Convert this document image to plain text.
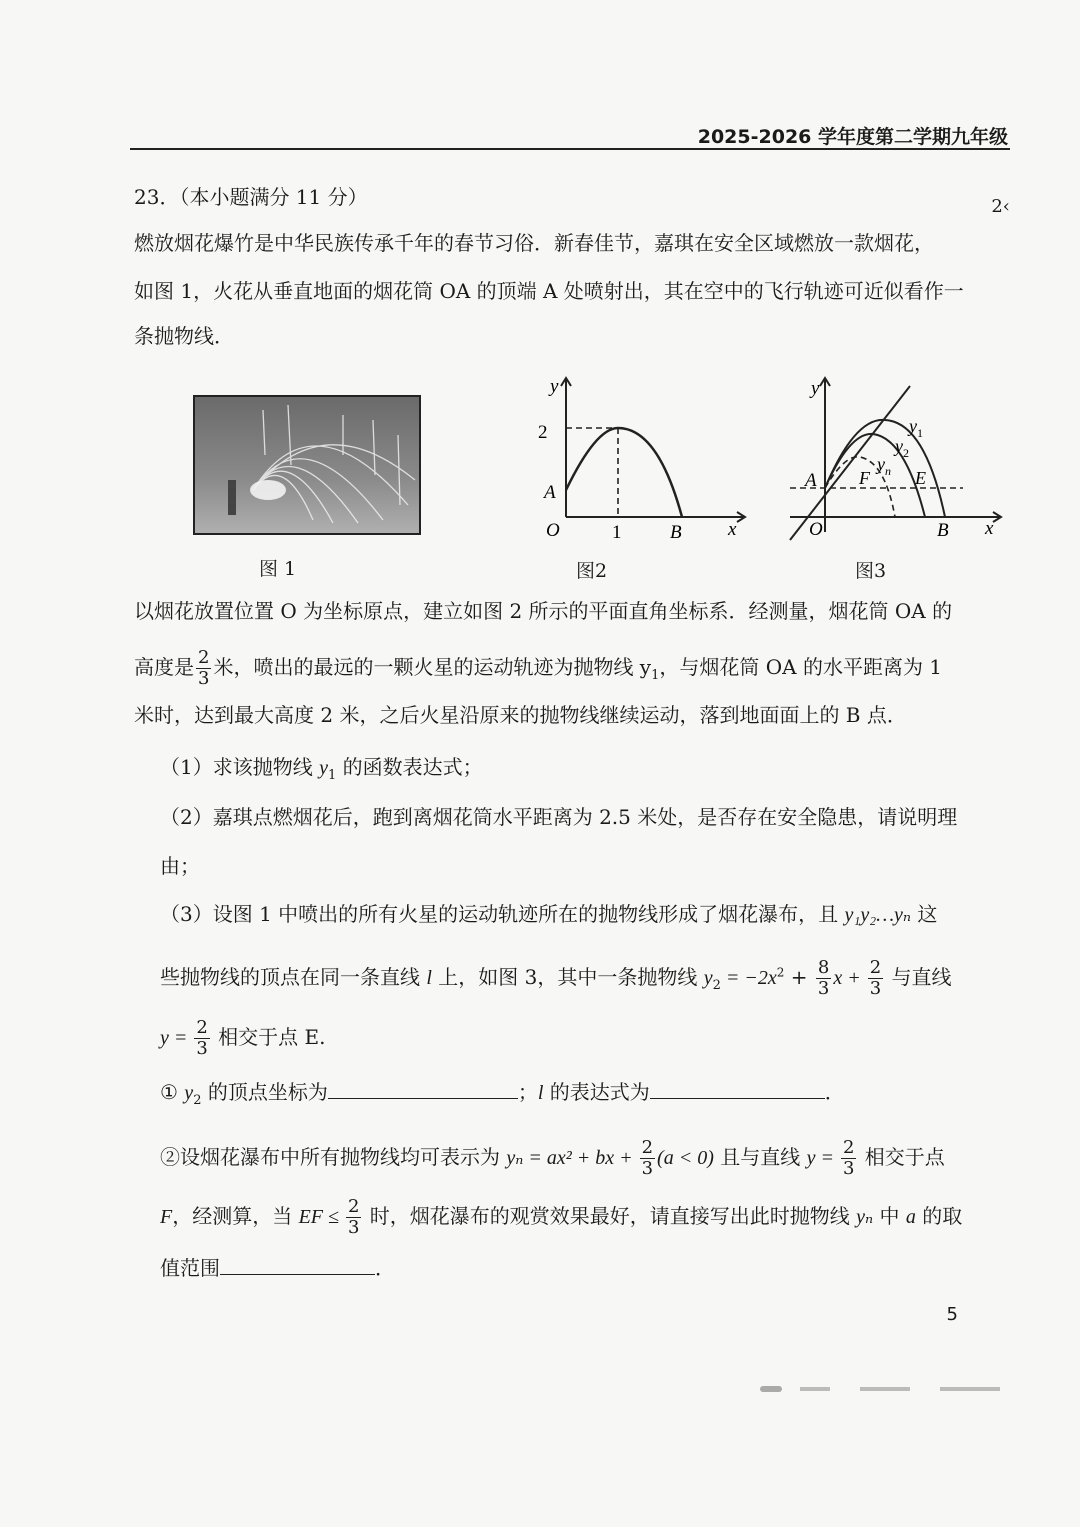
2025-2026 学年度第二学期九年级
2‹
23．（本小题满分 11 分）
燃放烟花爆竹是中华民族传承千年的春节习俗．新春佳节，嘉琪在安全区域燃放一款烟花，
如图 1，火花从垂直地面的烟花筒 OA 的顶端 A 处喷射出，其在空中的飞行轨迹可近似看作一
条抛物线．
图 1
y
x
O
A
B
1
2
图2
y
x
O
A
B
E
F
$y_1$
$y_2$
$y_n$
图3
以烟花放置位置 O 为坐标原点，建立如图 2 所示的平面直角坐标系．经测量，烟花筒 OA 的
高度是 $\frac{2}{3}$ 米，喷出的最远的一颗火星的运动轨迹为抛物线 $y_1$，与烟花筒 OA 的水平距离为 1
米时，达到最大高度 2 米，之后火星沿原来的抛物线继续运动，落到地面面上的 B 点．
（1）求该抛物线 $y_1$ 的函数表达式；
（2）嘉琪点燃烟花后，跑到离烟花筒水平距离为 2.5 米处，是否存在安全隐患，请说明理
由；
（3）设图 1 中喷出的所有火星的运动轨迹所在的抛物线形成了烟花瀑布，且 y₁y₂…yₙ 这
些抛物线的顶点在同一条直线 l 上，如图 3，其中一条抛物线 $y_2 = -2x^2 + \frac{8}{3}$ $x + \frac{2}{3}$ 与直线
$y = \frac{2}{3}$ 相交于点 E.
① $y_2$ 的顶点坐标为	；l 的表达式为	．
②设烟花瀑布中所有抛物线均可表示为 yₙ = ax² + bx + $\frac{2}{3} (a < 0)$ 且与直线 $y = \frac{2}{3}$ 相交于点
F，经测算，当 EF ≤ $\frac{2}{3}$ 时，烟花瀑布的观赏效果最好，请直接写出此时抛物线 yₙ 中 a 的取
值范围	．
5
